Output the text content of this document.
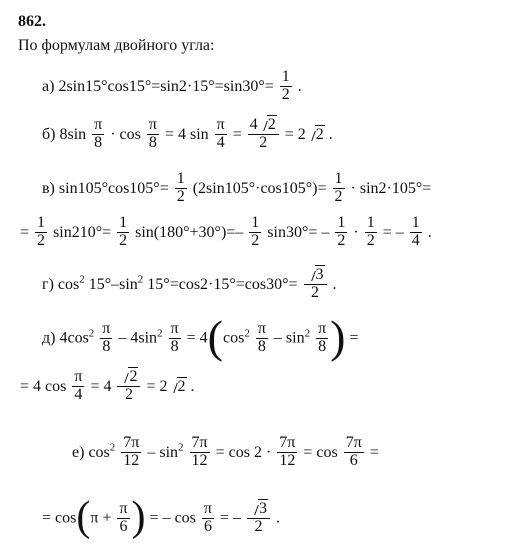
862.
По формулам двойного угла:
а) $2\sin 15^\circ\cos 15^\circ=\sin 2\cdot 15^\circ=\sin 30^\circ= \frac{1}{2}$ .
б) $8\sin \frac{\pi}{8} \cdot \cos \frac{\pi}{8} = 4$ $\sin \frac{\pi}{4} = \frac{4 2}{2} = 2$ 2 .
в) $\sin 105^\circ\cos 105^\circ= \frac{1}{2} (2\sin 105^\circ\cdot\cos 105^\circ)= \frac{1}{2} \cdot \sin 2\cdot 105^\circ=$
= $\frac{1}{2} \sin 210^\circ= \frac{1}{2} \sin(180^\circ+30^\circ)=- \frac{1}{2} \sin 30^\circ= - \frac{1}{2} \cdot \frac{1}{2}$ = – $\frac{1}{4}$ .
г) $\cos^2 15^\circ-\sin^2$ $15^\circ=\cos 2\cdot 15^\circ=\cos 30^\circ= \frac{3}{2}$ .
д) $4\cos^2 \frac{\pi}{8} - 4\sin^2 \frac{\pi}{8} = 4(\cos^2 \frac{\pi}{8} - \sin^2 \frac{\pi}{8}$ ) =
= 4 $\cos \frac{\pi}{4} = 4 \frac{2}{2} = 2$ 2 .
е) $\cos^2 \frac{7\pi}{12} - \sin^2 \frac{7\pi}{12} = \cos 2 \cdot \frac{7\pi}{12} = \cos \frac{7\pi}{6}$ =
= $\cos(\pi + \frac{\pi}{6}$ ) = – $\cos \frac{\pi}{6}$ = – $\frac{3}{2}$ .
